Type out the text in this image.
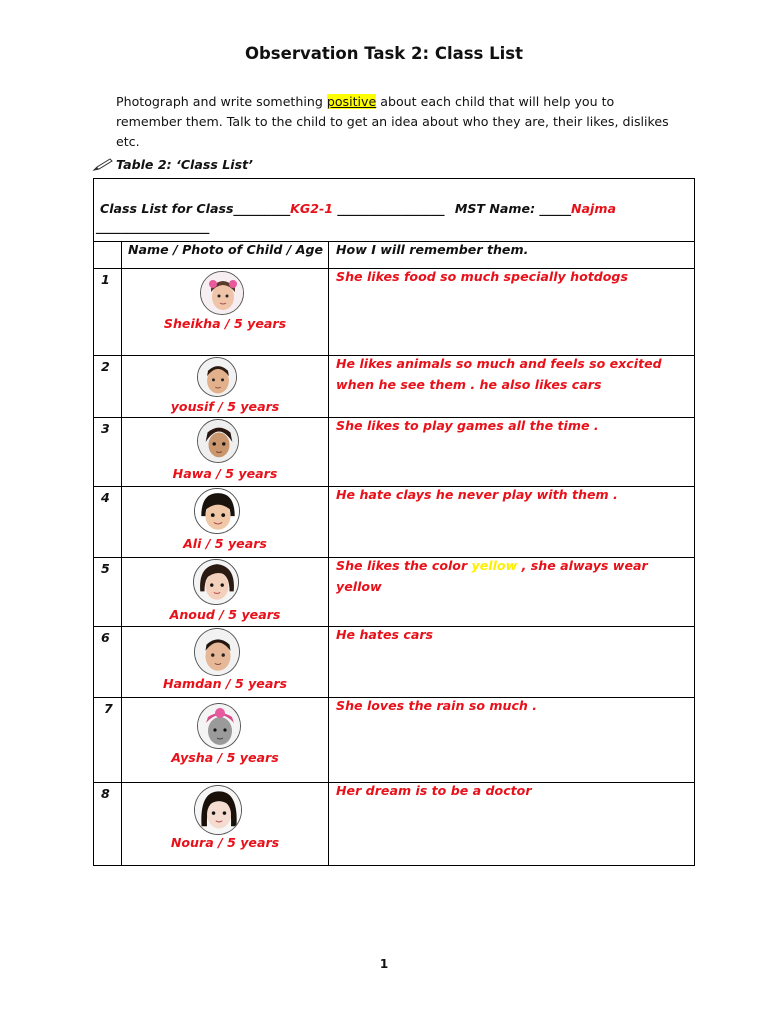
Observation Task 2: Class List
Photograph and write something positive about each child that will help you to remember them. Talk to the child to get an idea about who they are, their likes, dislikes etc.
Table 2: ‘Class List’
Class List for Class_________KG2-1 _________________ MST Name: _____Najma
__________________
Name / Photo of Child / Age How I will remember them.
1
Sheikha / 5 years
She likes food so much specially hotdogs
2
yousif / 5 years
He likes animals so much and feels so excited when he see them . he also likes cars
3
Hawa / 5 years
She likes to play games all the time .
4
Ali / 5 years
He hate clays he never play with them .
5
Anoud / 5 years
She likes the color yellow , she always wear yellow
6
Hamdan / 5 years
He hates cars
7
Aysha / 5 years
She loves the rain so much .
8
Noura / 5 years
Her dream is to be a doctor
1
